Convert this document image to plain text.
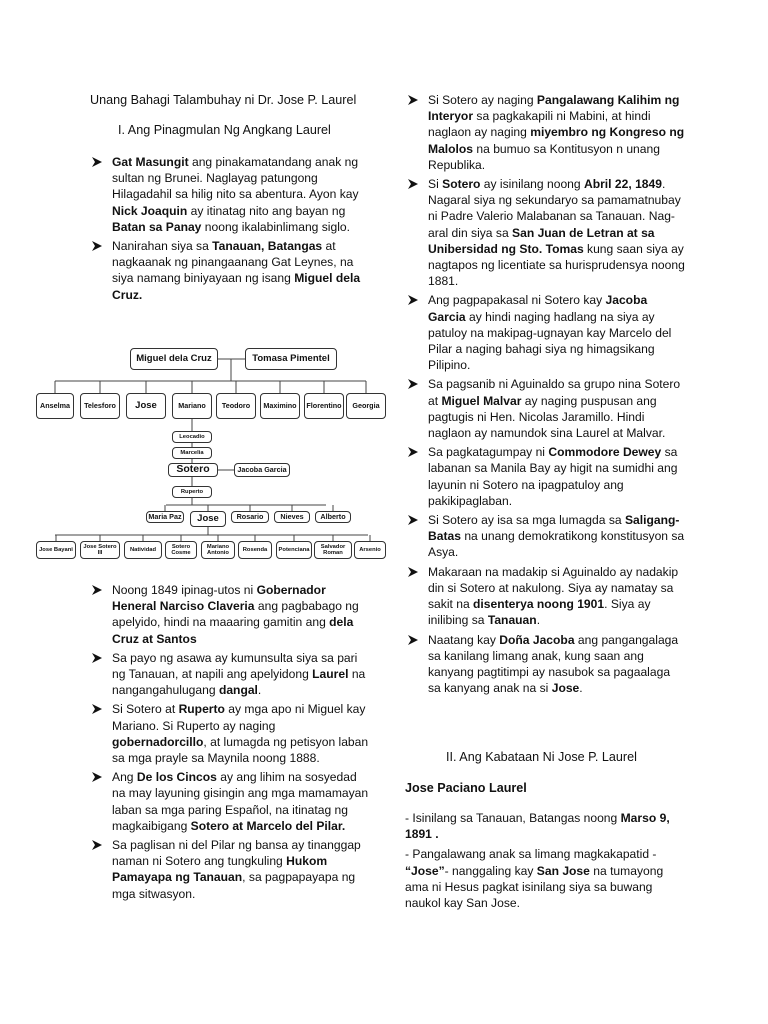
Unang Bahagi Talambuhay ni Dr. Jose P. Laurel
I. Ang Pinagmulan Ng Angkang Laurel
Gat Masungit ang pinakamatandang anak ng sultan ng Brunei. Naglayag patungong Hilagadahil sa hilig nito sa abentura. Ayon kay Nick Joaquin ay itinatag nito ang bayan ng Batan sa Panay noong ikalabinlimang siglo.
Nanirahan siya sa Tanauan, Batangas at nagkaanak ng pinangaanang Gat Leynes, na siya namang biniyayaan ng isang Miguel dela Cruz.
Miguel dela Cruz	Tomasa Pimentel
Anselma	Telesforo	Jose	Mariano	Teodoro	Maximino	Florentino	Georgia
Leocadio
Marcelia
Sotero	Jacoba Garcia
Ruperto
Maria Paz	Jose	Rosario	Nieves	Alberto
Jose Bayani
Jose Sotero III
Natividad
Sotero Cosme
Mariano Antonio
Rosenda	Potenciana
Salvador Roman
Arsenio
Noong 1849 ipinag-utos ni Gobernador Heneral Narciso Claveria ang pagbabago ng apelyido, hindi na maaaring gamitin ang dela Cruz at Santos
Sa payo ng asawa ay kumunsulta siya sa pari ng Tanauan, at napili ang apelyidong Laurel na nangangahulugang dangal.
Si Sotero at Ruperto ay mga apo ni Miguel kay Mariano. Si Ruperto ay naging gobernadorcillo, at lumagda ng petisyon laban sa mga prayle sa Maynila noong 1888.
Ang De los Cincos ay ang lihim na sosyedad na may layuning gisingin ang mga mamamayan laban sa mga paring Español, na itinatag ng magkaibigang Sotero at Marcelo del Pilar.
Sa paglisan ni del Pilar ng bansa ay tinanggap naman ni Sotero ang tungkuling Hukom Pamayapa ng Tanauan, sa pagpapayapa ng mga sitwasyon.
Si Sotero ay naging Pangalawang Kalihim ng Interyor sa pagkakapili ni Mabini, at hindi naglaon ay naging miyembro ng Kongreso ng Malolos na bumuo sa Kontitusyon n unang Republika.
Si Sotero ay isinilang noong Abril 22, 1849. Nagaral siya ng sekundaryo sa pamamatnubay ni Padre Valerio Malabanan sa Tanauan. Nag-aral din siya sa San Juan de Letran at sa Unibersidad ng Sto. Tomas kung saan siya ay nagtapos ng licentiate sa hurisprudensya noong 1881.
Ang pagpapakasal ni Sotero kay Jacoba Garcia ay hindi naging hadlang na siya ay patuloy na makipag-ugnayan kay Marcelo del Pilar a naging bahagi siya ng himagsikang Pilipino.
Sa pagsanib ni Aguinaldo sa grupo nina Sotero at Miguel Malvar ay naging puspusan ang pagtugis ni Hen. Nicolas Jaramillo. Hindi naglaon ay namundok sina Laurel at Malvar.
Sa pagkatagumpay ni Commodore Dewey sa labanan sa Manila Bay ay higit na sumidhi ang layunin ni Sotero na ipagpatuloy ang pakikipaglaban.
Si Sotero ay isa sa mga lumagda sa Saligang-Batas na unang demokratikong konstitusyon sa Asya.
Makaraan na madakip si Aguinaldo ay nadakip din si Sotero at nakulong. Siya ay namatay sa sakit na disenterya noong 1901. Siya ay inilibing sa Tanauan.
Naatang kay Doña Jacoba ang pangangalaga sa kanilang limang anak, kung saan ang kanyang pagtitimpi ay nasubok sa pagaalaga sa kanyang anak na si Jose.
II. Ang Kabataan Ni Jose P. Laurel
Jose Paciano Laurel
- Isinilang sa Tanauan, Batangas noong Marso 9, 1891 .
- Pangalawang anak sa limang magkakapatid - “Jose”- nanggaling kay San Jose na tumayong ama ni Hesus pagkat isinilang siya sa buwang naukol kay San Jose.
